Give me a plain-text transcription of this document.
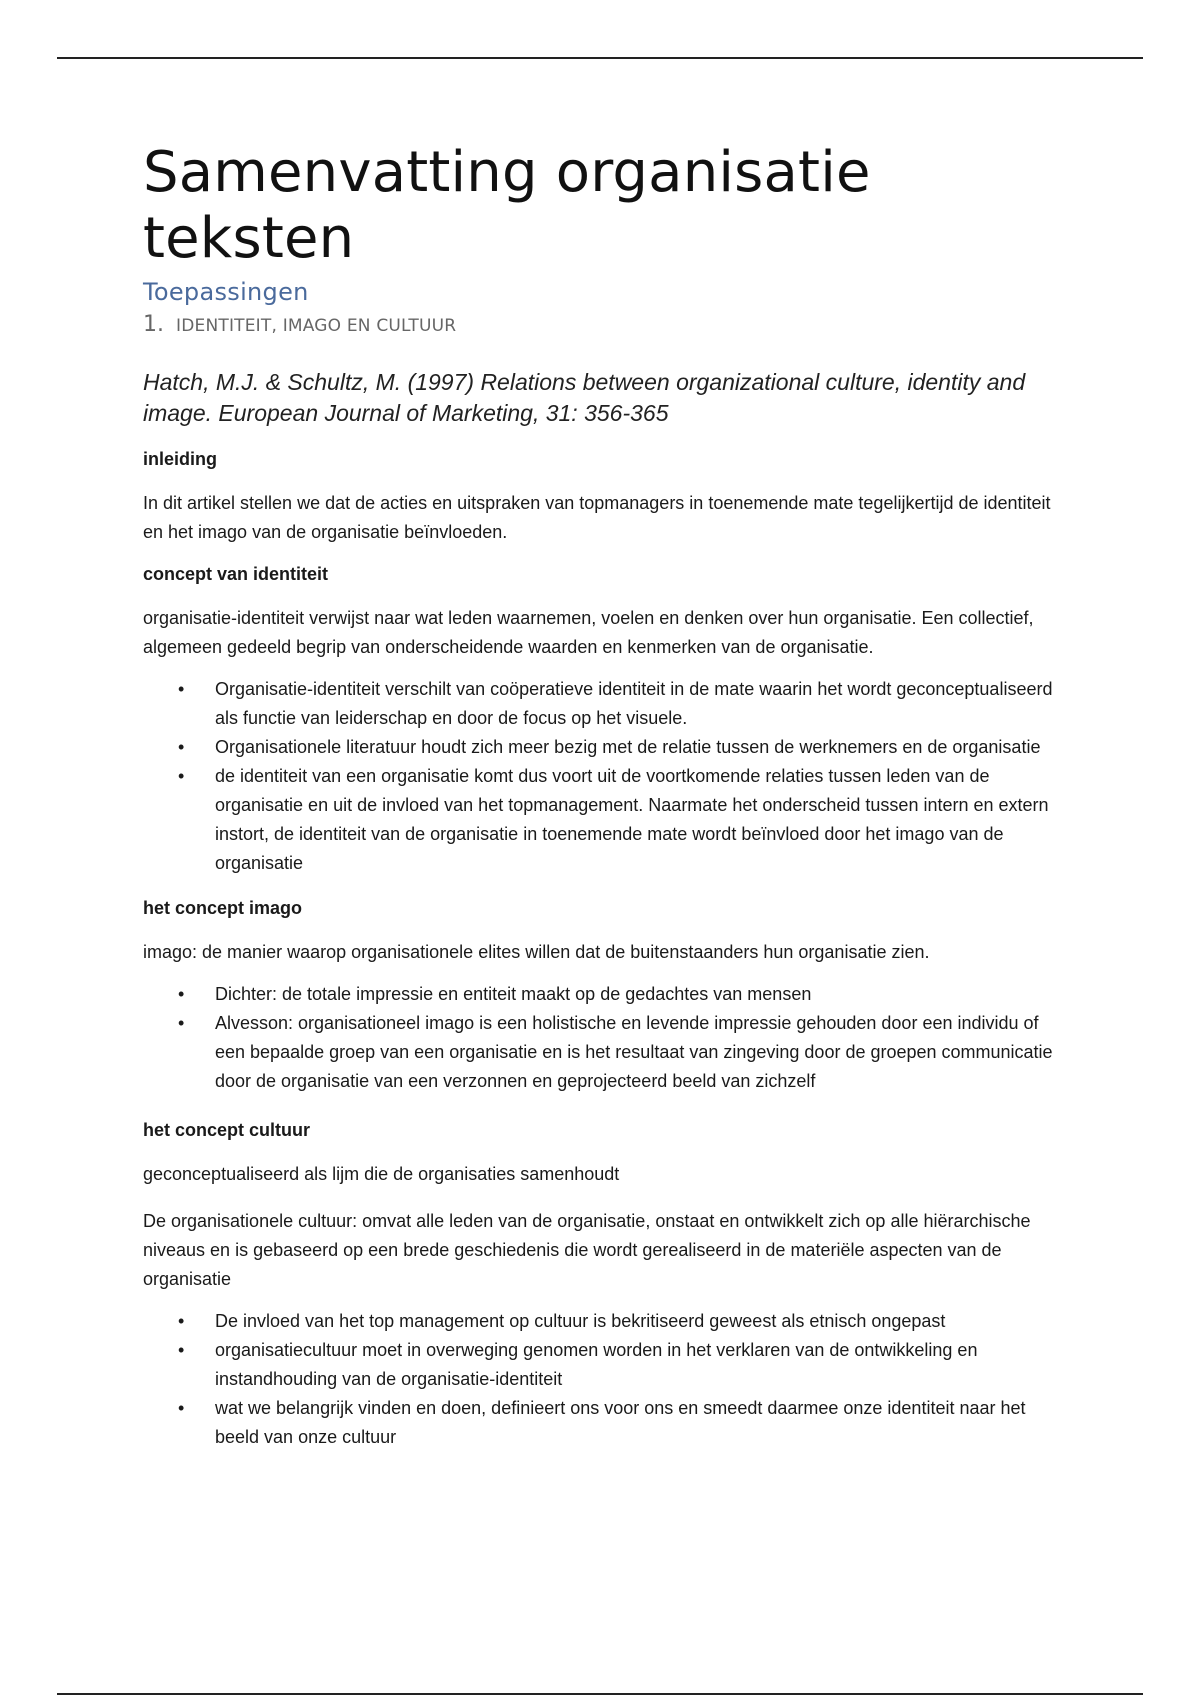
Samenvatting organisatie teksten
Toepassingen
1. IDENTITEIT, IMAGO EN CULTUUR
Hatch, M.J. & Schultz, M. (1997) Relations between organizational culture, identity and image. European Journal of Marketing, 31: 356-365
inleiding
In dit artikel stellen we dat de acties en uitspraken van topmanagers in toenemende mate tegelijkertijd de identiteit en het imago van de organisatie beïnvloeden.
concept van identiteit
organisatie-identiteit verwijst naar wat leden waarnemen, voelen en denken over hun organisatie. Een collectief, algemeen gedeeld begrip van onderscheidende waarden en kenmerken van de organisatie.
• Organisatie-identiteit verschilt van coöperatieve identiteit in de mate waarin het wordt geconceptualiseerd als functie van leiderschap en door de focus op het visuele.
• Organisationele literatuur houdt zich meer bezig met de relatie tussen de werknemers en de organisatie
• de identiteit van een organisatie komt dus voort uit de voortkomende relaties tussen leden van de organisatie en uit de invloed van het topmanagement. Naarmate het onderscheid tussen intern en extern instort, de identiteit van de organisatie in toenemende mate wordt beïnvloed door het imago van de organisatie
het concept imago
imago: de manier waarop organisationele elites willen dat de buitenstaanders hun organisatie zien.
• Dichter: de totale impressie en entiteit maakt op de gedachtes van mensen
• Alvesson: organisationeel imago is een holistische en levende impressie gehouden door een individu of een bepaalde groep van een organisatie en is het resultaat van zingeving door de groepen communicatie door de organisatie van een verzonnen en geprojecteerd beeld van zichzelf
het concept cultuur
geconceptualiseerd als lijm die de organisaties samenhoudt
De organisationele cultuur: omvat alle leden van de organisatie, onstaat en ontwikkelt zich op alle hiërarchische niveaus en is gebaseerd op een brede geschiedenis die wordt gerealiseerd in de materiële aspecten van de organisatie
• De invloed van het top management op cultuur is bekritiseerd geweest als etnisch ongepast
• organisatiecultuur moet in overweging genomen worden in het verklaren van de ontwikkeling en instandhouding van de organisatie-identiteit
• wat we belangrijk vinden en doen, definieert ons voor ons en smeedt daarmee onze identiteit naar het beeld van onze cultuur
